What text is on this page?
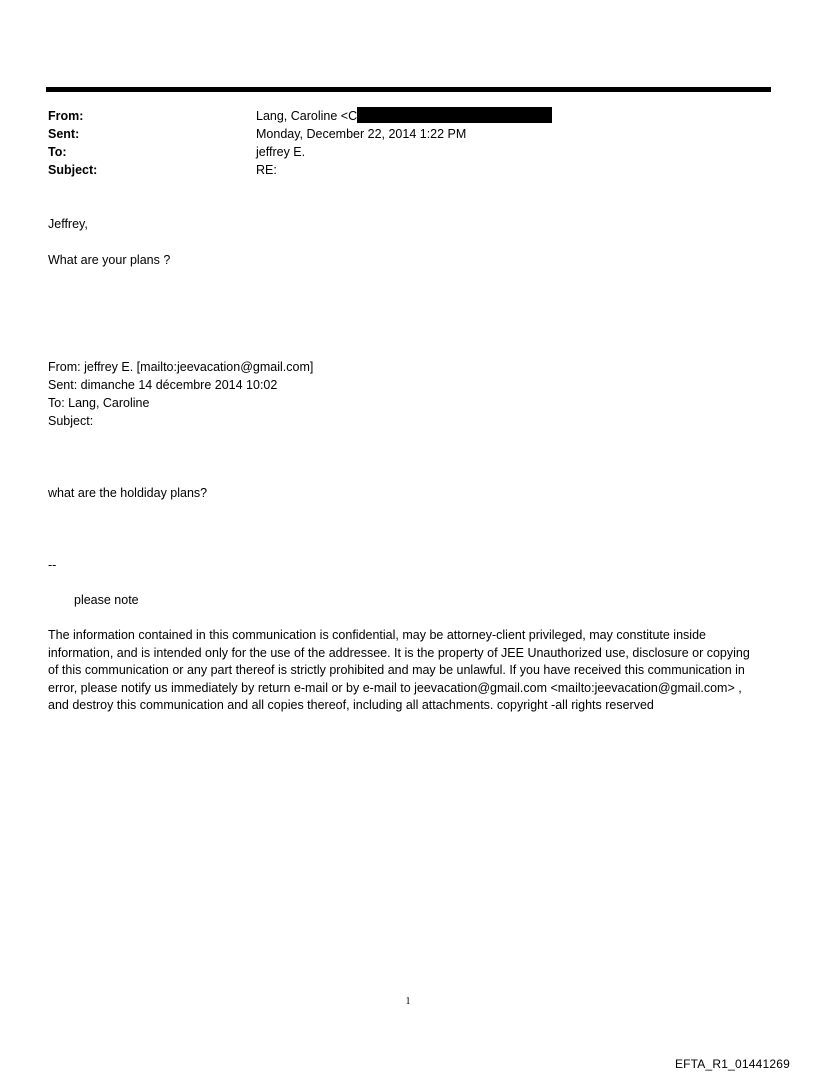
From:	Lang, Caroline <C
Sent:	Monday, December 22, 2014 1:22 PM
To:	jeffrey E.
Subject:	RE:
Jeffrey,
What are your plans ?
From: jeffrey E. [mailto:jeevacation@gmail.com]
Sent: dimanche 14 décembre 2014 10:02
To: Lang, Caroline
Subject:
what are the holdiday plans?
--
please note
The information contained in this communication is confidential, may be attorney-client privileged, may constitute inside information, and is intended only for the use of the addressee. It is the property of JEE Unauthorized use, disclosure or copying of this communication or any part thereof is strictly prohibited and may be unlawful. If you have received this communication in error, please notify us immediately by return e-mail or by e-mail to jeevacation@gmail.com <mailto:jeevacation@gmail.com> , and destroy this communication and all copies thereof, including all attachments. copyright -all rights reserved
1
EFTA_R1_01441269
